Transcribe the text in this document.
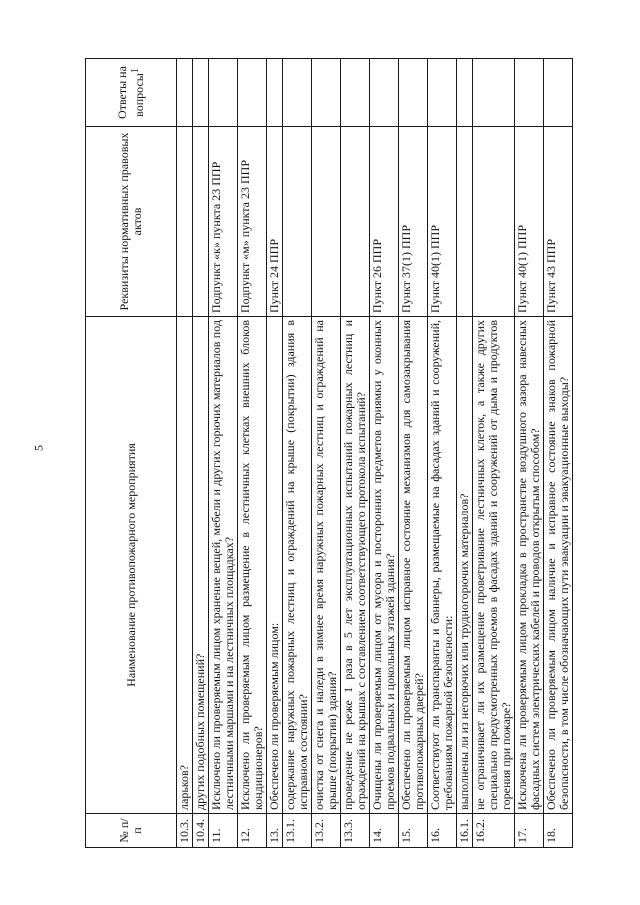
5
№ п/п	Наименование противопожарного мероприятия	Реквизиты нормативных правовых актов	Ответы на вопросы$^1$
10.3.	ларьков?		
10.4.	других подобных помещений?		
11.	Исключено ли проверяемым лицом хранение вещей, мебели и других горючих материалов под лестничными маршами и на лестничных площадках?	Подпункт «к» пункта 23 ППР	
12.	Исключено ли проверяемым лицом размещение в лестничных клетках внешних блоков кондиционеров?	Подпункт «м» пункта 23 ППР	
13.	Обеспечено ли проверяемым лицом:	Пункт 24 ППР	
13.1.	содержание наружных пожарных лестниц и ограждений на крыше (покрытии) здания в исправном состоянии?		
13.2.	очистка от снега и наледи в зимнее время наружных пожарных лестниц и ограждений на крыше (покрытии) здания?		
13.3.	проведение не реже 1 раза в 5 лет эксплуатационных испытаний пожарных лестниц и ограждений на крышах с составлением соответствующего протокола испытаний?		
14.	Очищены ли проверяемым лицом от мусора и посторонних предметов приямки у оконных проемов подвальных и цокольных этажей здания?	Пункт 26 ППР	
15.	Обеспечено ли проверяемым лицом исправное состояние механизмов для самозакрывания противопожарных дверей?	Пункт 37(1) ППР	
16.	Соответствуют ли транспаранты и баннеры, размещаемые на фасадах зданий и сооружений, требованиям пожарной безопасности:	Пункт 40(1) ППР	
16.1.	выполнены ли из негорючих или трудногорючих материалов?		
16.2.	не ограничивает ли их размещение проветривание лестничных клеток, а также других специально предусмотренных проемов в фасадах зданий и сооружений от дыма и продуктов горения при пожаре?		
17.	Исключена ли проверяемым лицом прокладка в пространстве воздушного зазора навесных фасадных систем электрических кабелей и проводов открытым способом?	Пункт 40(1) ППР	
18.	Обеспечено ли проверяемым лицом наличие и исправное состояние знаков пожарной безопасности, в том числе обозначающих пути эвакуации и эвакуационные выходы?	Пункт 43 ППР	
